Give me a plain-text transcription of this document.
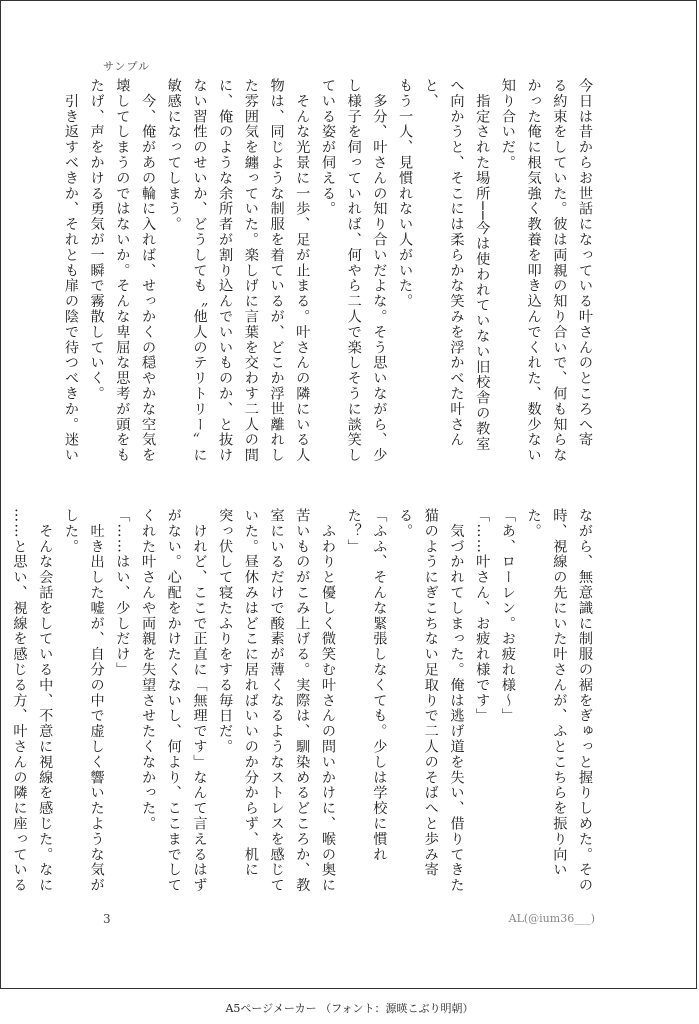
サンプル
今日は昔からお世話になっている叶さんのところへ寄
る約束をしていた。彼は両親の知り合いで、何も知らな
かった俺に根気強く教養を叩き込んでくれた、数少ない
知り合いだ。
　指定された場所──今は使われていない旧校舎の教室
へ向かうと、そこには柔らかな笑みを浮かべた叶さんと、
もう一人、見慣れない人がいた。
　多分、叶さんの知り合いだよな。そう思いながら、少
し様子を伺っていれば、何やら二人で楽しそうに談笑し
ている姿が伺える。
　そんな光景に一歩、足が止まる。叶さんの隣にいる人
物は、同じような制服を着ているが、どこか浮世離れし
た雰囲気を纏っていた。楽しげに言葉を交わす二人の間
に、俺のような余所者が割り込んでいいものか、と抜け
ない習性のせいか、どうしても〝他人のテリトリー〟に
敏感になってしまう。
　今、俺があの輪に入れば、せっかくの穏やかな空気を
壊してしまうのではないか。そんな卑屈な思考が頭をも
たげ、声をかける勇気が一瞬で霧散していく。
　引き返すべきか、それとも扉の陰で待つべきか。迷い
ながら、無意識に制服の裾をぎゅっと握りしめた。その
時、視線の先にいた叶さんが、ふとこちらを振り向いた。
「あ、ローレン。お疲れ様～」
「……叶さん、お疲れ様です」
　気づかれてしまった。俺は逃げ道を失い、借りてきた
猫のようにぎこちない足取りで二人のそばへと歩み寄る。
「ふふ、そんな緊張しなくても。少しは学校に慣れた？」
　ふわりと優しく微笑む叶さんの問いかけに、喉の奥に
苦いものがこみ上げる。実際は、馴染めるどころか、教
室にいるだけで酸素が薄くなるようなストレスを感じて
いた。昼休みはどこに居ればいいのか分からず、机に
突っ伏して寝たふりをする毎日だ。
　けれど、ここで正直に「無理です」なんて言えるはず
がない。心配をかけたくないし、何より、ここまでして
くれた叶さんや両親を失望させたくなかった。
「……はい、少しだけ」
　吐き出した嘘が、自分の中で虚しく響いたような気が
した。
　そんな会話をしている中、不意に視線を感じた。なに
……と思い、視線を感じる方、叶さんの隣に座っている
3	AL(@ium36___)
A5ページメーカー （フォント：源暎こぶり明朝）
